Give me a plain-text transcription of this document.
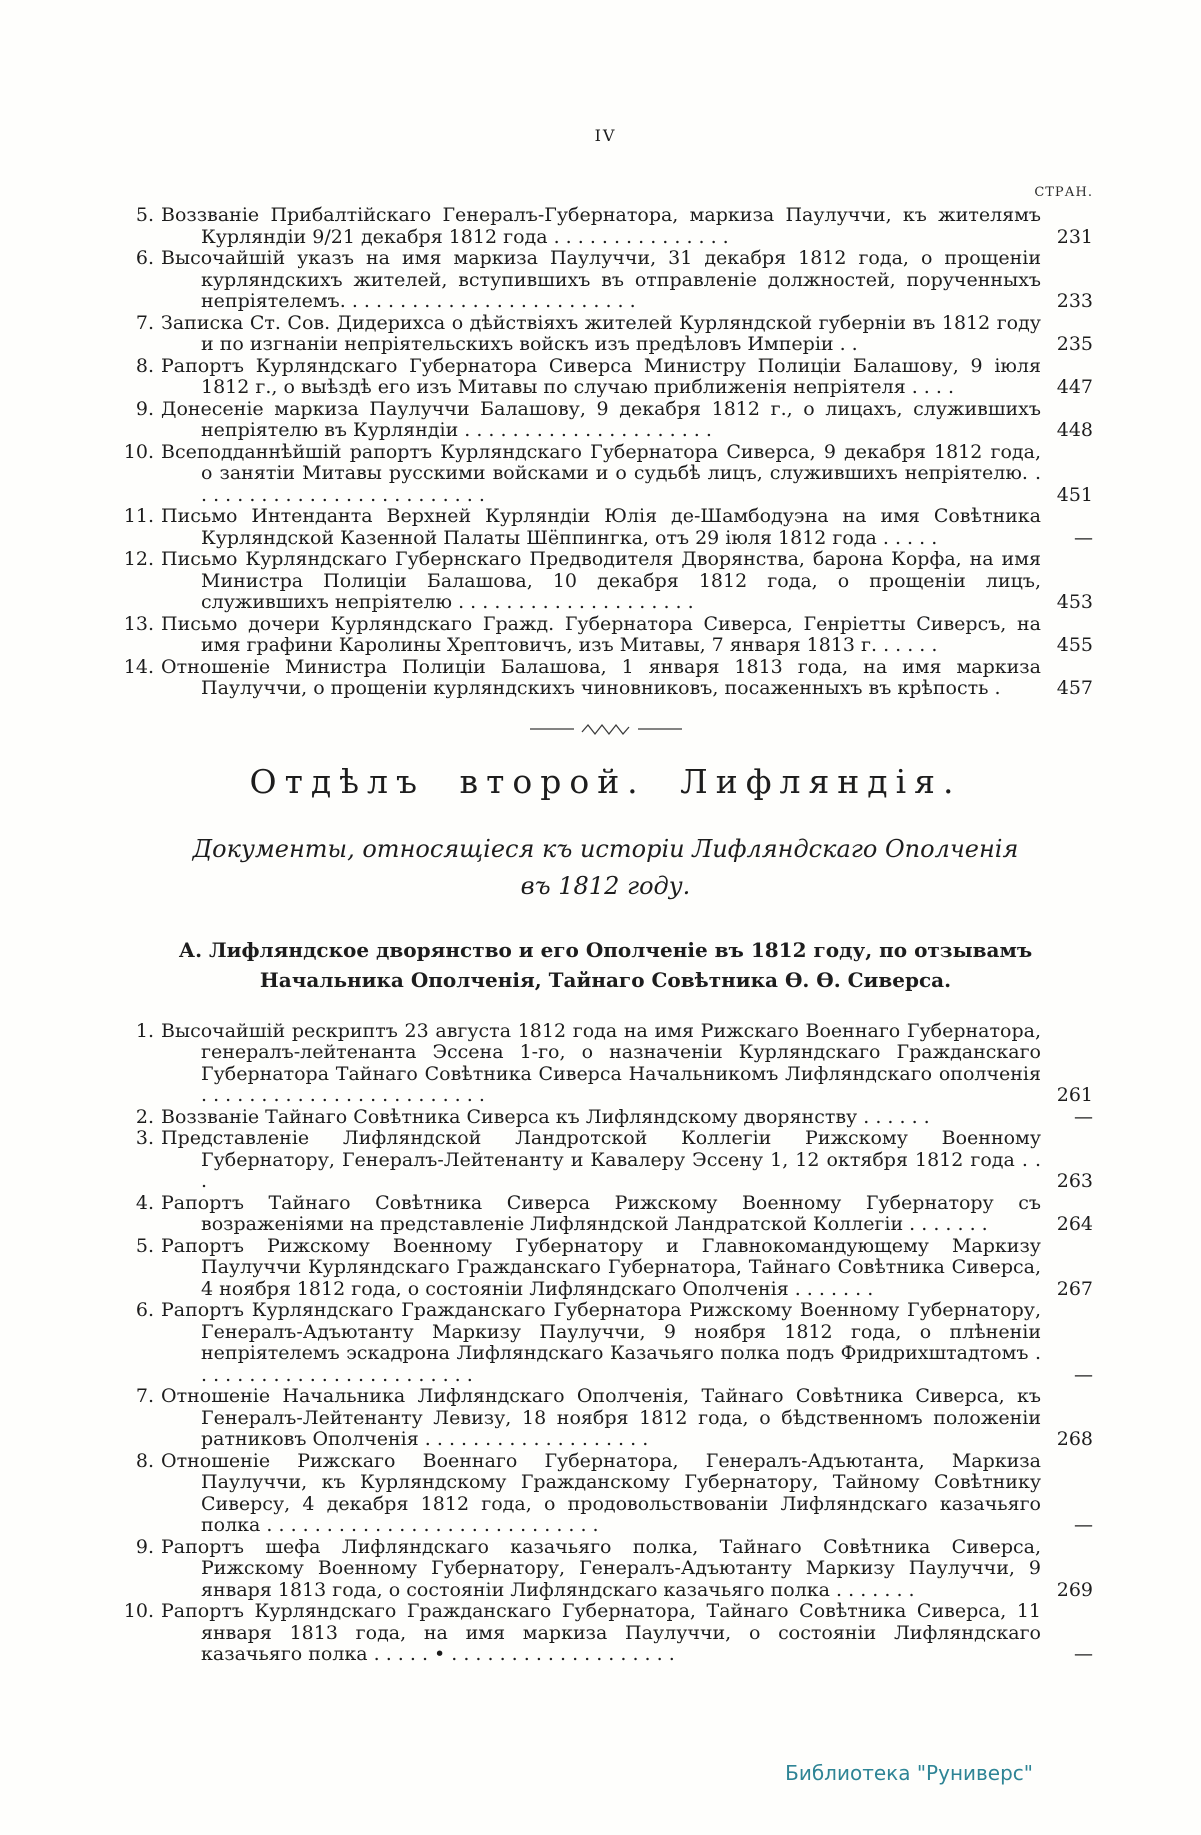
IV
СТРАН.
5. Воззваніе Прибалтійскаго Генералъ-Губернатора, маркиза Паулуччи, къ жителямъ Курляндіи 9/21 декабря 1812 года . . . . . . . . . . . . . . .	231
6. Высочайшій указъ на имя маркиза Паулуччи, 31 декабря 1812 года, о прощеніи курляндскихъ жителей, вступившихъ въ отправленіе должностей, порученныхъ непріятелемъ. . . . . . . . . . . . . . . . . . . . . . . . .	233
7. Записка Ст. Сов. Дидерихса о дѣйствіяхъ жителей Курляндской губерніи въ 1812 году и по изгнаніи непріятельскихъ войскъ изъ предѣловъ Имперіи . .	235
8. Рапортъ Курляндскаго Губернатора Сиверса Министру Полиціи Балашову, 9 іюля 1812 г., о выѣздѣ его изъ Митавы по случаю приближенія непріятеля . . . .	447
9. Донесеніе маркиза Паулуччи Балашову, 9 декабря 1812 г., о лицахъ, служившихъ непріятелю въ Курляндіи . . . . . . . . . . . . . . . . . . . . .	448
10. Всеподданнѣйшій рапортъ Курляндскаго Губернатора Сиверса, 9 декабря 1812 года, о занятіи Митавы русскими войсками и о судьбѣ лицъ, служившихъ непріятелю. . . . . . . . . . . . . . . . . . . . . . . . . .	451
11. Письмо Интенданта Верхней Курляндіи Юлія де-Шамбодуэна на имя Совѣтника Курляндской Казенной Палаты Шёппингка, отъ 29 іюля 1812 года . . . . .	—
12. Письмо Курляндскаго Губернскаго Предводителя Дворянства, барона Корфа, на имя Министра Полиціи Балашова, 10 декабря 1812 года, о прощеніи лицъ, служившихъ непріятелю . . . . . . . . . . . . . . . . . . . .	453
13. Письмо дочери Курляндскаго Гражд. Губернатора Сиверса, Генріетты Сиверсъ, на имя графини Каролины Хрептовичъ, изъ Митавы, 7 января 1813 г. . . . . .	455
14. Отношеніе Министра Полиціи Балашова, 1 января 1813 года, на имя маркиза Паулуччи, о прощеніи курляндскихъ чиновниковъ, посаженныхъ въ крѣпость .	457
Отдѣлъ второй. Лифляндія.

Документы, относящіеся къ исторіи Лифляндскаго Ополченія въ 1812 году.

А. Лифляндское дворянство и его Ополченіе въ 1812 году, по отзывамъ Начальника Ополченія, Тайнаго Совѣтника Ѳ. Ѳ. Сиверса.

1. Высочайшій рескриптъ 23 августа 1812 года на имя Рижскаго Военнаго Губернатора, генералъ-лейтенанта Эссена 1-го, о назначеніи Курляндскаго Гражданскаго Губернатора Тайнаго Совѣтника Сиверса Начальникомъ Лифляндскаго ополченія . . . . . . . . . . . . . . . . . . . . . . . .	261
2. Воззваніе Тайнаго Совѣтника Сиверса къ Лифляндскому дворянству . . . . . .	—
3. Представленіе Лифляндской Ландротской Коллегіи Рижскому Военному Губернатору, Генералъ-Лейтенанту и Кавалеру Эссену 1, 12 октября 1812 года . . .	263
4. Рапортъ Тайнаго Совѣтника Сиверса Рижскому Военному Губернатору съ возраженіями на представленіе Лифляндской Ландратской Коллегіи . . . . . . .	264
5. Рапортъ Рижскому Военному Губернатору и Главнокомандующему Маркизу Паулуччи Курляндскаго Гражданскаго Губернатора, Тайнаго Совѣтника Сиверса, 4 ноября 1812 года, о состояніи Лифляндскаго Ополченія . . . . . . .	267
6. Рапортъ Курляндскаго Гражданскаго Губернатора Рижскому Военному Губернатору, Генералъ-Адъютанту Маркизу Паулуччи, 9 ноября 1812 года, о плѣненіи непріятелемъ эскадрона Лифляндскаго Казачьяго полка подъ Фридрихштадтомъ . . . . . . . . . . . . . . . . . . . . . . . .	—
7. Отношеніе Начальника Лифляндскаго Ополченія, Тайнаго Совѣтника Сиверса, къ Генералъ-Лейтенанту Левизу, 18 ноября 1812 года, о бѣдственномъ положеніи ратниковъ Ополченія . . . . . . . . . . . . . . . . . . .	268
8. Отношеніе Рижскаго Военнаго Губернатора, Генералъ-Адъютанта, Маркиза Паулуччи, къ Курляндскому Гражданскому Губернатору, Тайному Совѣтнику Сиверсу, 4 декабря 1812 года, о продовольствованіи Лифляндскаго казачьяго полка . . . . . . . . . . . . . . . . . . . . . . . . . . . .	—
9. Рапортъ шефа Лифляндскаго казачьяго полка, Тайнаго Совѣтника Сиверса, Рижскому Военному Губернатору, Генералъ-Адъютанту Маркизу Паулуччи, 9 января 1813 года, о состояніи Лифляндскаго казачьяго полка . . . . . . .	269
10. Рапортъ Курляндскаго Гражданскаго Губернатора, Тайнаго Совѣтника Сиверса, 11 января 1813 года, на имя маркиза Паулуччи, о состояніи Лифляндскаго казачьяго полка . . . . . • . . . . . . . . . . . . . . . . . . .	—
Библиотека "Руниверс"
